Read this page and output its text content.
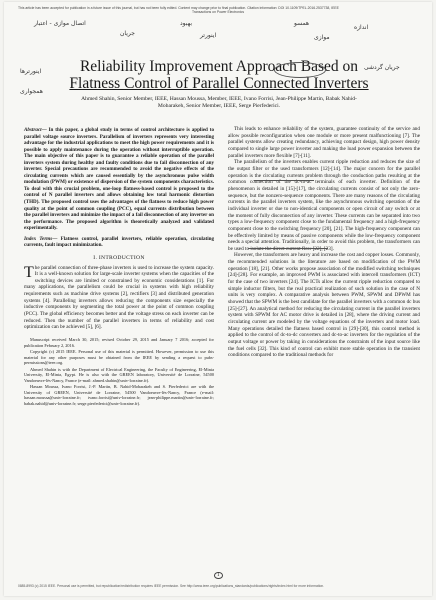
This article has been accepted for publication in a future issue of this journal, but has not been fully edited. Content may change prior to final publication. Citation information: DOI 10.1109/TPEL.2016.2537738, IEEE
Transactions on Power Electronics
اتصال موازی - اعتبار	بهبود
جریان	اینورتر
همسو
اندازه
موازی
اینورترها
همجواری
جریان گردشی
Reliability Improvement Approach Based on
Flatness Control of Parallel Connected Inverters
Ahmed Shahin, Senior Member, IEEE, Hassan Moussa, Member, IEEE, Ivano Forrisi, Jean-Philippe Martin, Babak Nahid-
Mobarakeh, Senior Member, IEEE, Serge Pierfederici.
Abstract— In this paper, a global study in terms of control architecture is applied to parallel voltage source inverters. Parallelism of inverters represents very interesting advantage for the industrial applications to meet the high power requirements and it is possible to apply maintenance during the operation without interruptible operation. The main objective of this paper is to guarantee a reliable operation of the parallel inverters system during healthy and faulty conditions due to fail disconnection of any inverter. Special precautions are recommended to avoid the negative effects of the circulating currents which are caused essentially by the asynchronous pulse width modulation (PWM) or existence of dispersion of the system components characteristics. To deal with this crucial problem, one-loop flatness-based control is proposed to the control of N parallel inverters and allows obtaining low total harmonic distortion (THD). The proposed control uses the advantages of the flatness to reduce high power quality at the point of common coupling (PCC), equal currents distribution between the parallel inverters and minimize the impact of a fail disconnection of any inverter on the performance. The proposed algorithm is theoretically analyzed and validated experimentally.
Index Terms— Flatness control, parallel inverters, reliable operation, circulating currents, fault impact minimization.
I. INTRODUCTION
The parallel connection of three-phase inverters is used to increase the system capacity. It is a well-known solution for large-scale inverter systems when the capacities of the switching devices are limited or constrained by economic considerations [1]. For many applications, the parallelism could be crucial in systems with high reliability requirements such as machine drive systems [2], rectifiers [3] and distributed generation systems [4]. Paralleling inverters allows reducing the components size especially the inductive components by segmenting the total power at the point of common coupling (PCC). The global efficiency becomes better and the voltage stress on each inverter can be reduced. Then the number of the parallel inverters in terms of reliability and cost optimization can be achieved [5], [6].

Manuscript received March 30, 2015; revised October 29, 2015 and January 7 2016; accepted for publication February 2, 2016.

Copyright (c) 2015 IEEE. Personal use of this material is permitted. However, permission to use this material for any other purposes must be obtained from the IEEE by sending a request to pubs-permissions@ieee.org.

Ahmed Shahin is with the Department of Electrical Engineering, the Faculty of Engineering, El-Minia University, El-Minia, Egypt. He is also with the GREEN laboratory, Université de Lorraine, 54500 Vandoeuvre-lès-Nancy, France (e-mail: ahmed.shahin@univ-lorraine.fr).

Hassan Moussa, Ivano Forrisi, J.-P. Martin, B. Nahid-Mobarakeh and S. Pierfederici are with the University of GREEN, Université de Lorraine, 54500 Vandoeuvre-lès-Nancy, France (e-mail: hassan.moussa@univ-lorraine.fr; ivano.forrisi@univ-lorraine.fr; jean-philippe.martin@univ-lorraine.fr; babak.nahid@univ-lorraine.fr; serge.pierfederici@univ-lorraine.fr).

This leads to enhance reliability of the system, guarantee continuity of the service and allow possible reconfiguration when one module or more present malfunctioning [7]. The parallel systems allow creating redundancy, achieving compact design, high power density compared to single large power inverter and making the load power expansion between the parallel inverters more flexible [7]-[11].

The parallelism of the inverters enables current ripple reduction and reduces the size of the output filter or the used transformers [12]-[14]. The major concern for the parallel operation is the circulating currents problem through the conduction paths resulting at the common connection of the dc-to-ac terminals of each inverter. Definition of the phenomenon is detailed in [15]-[17], the circulating currents consist of not only the zero-sequence, but the nonzero-sequence components. There are many reasons of the circulating currents in the parallel inverters system, like the asynchronous switching operation of the individual inverter or due to non-identical components or open circuit of any switch or at the moment of fully disconnection of any inverter. These currents can be separated into two types a low-frequency component close to the fundamental frequency and a high-frequency component close to the switching frequency [20], [21]. The high-frequency component can be effectively limited by means of passive components while the low-frequency component needs a special attention. Traditionally, in order to avoid this problem, the transformers can be used to isolate the direct current flow [22], [23].

However, the transformers are heavy and increase the cost and copper losses. Commonly, the recommended solutions in the literature are based on modification of the PWM operation [18], [21]. Other works propose association of the modified switching techniques [24]-[28]. For example, an improved PWM is associated with intercell transformers (ICT) for the case of two inverters [24]. The ICTs allow the current ripple reduction compared to simple inductor filters, but the real practical realization of such solution in the case of N units is very complex. A comparative analysis between PWM, SPWM and DPWM has showed that the SPWM is the best candidate for the parallel inverters with a common dc bus [25]-[27]. An analytical method for reducing the circulating current in the parallel inverters system with SPWM for AC motor drive is detailed in [28], where the driving current and circulating current are modeled by the voltage equations of the inverters and motor load. Many operations detailed the flatness based control in [29]-[30], this control method is applied to the control of dc-to-dc converters and dc-to-ac inverters for the regulation of the output voltage or power by taking in considerations the constraints of the input source like the fuel cells [32]. This kind of control can exhibit more stable operation in the transient conditions compared to the traditional methods for

1
0885-8993 (c) 2015 IEEE. Personal use is permitted, but republication/redistribution requires IEEE permission. See http://www.ieee.org/publications_standards/publications/rights/index.html for more information.
